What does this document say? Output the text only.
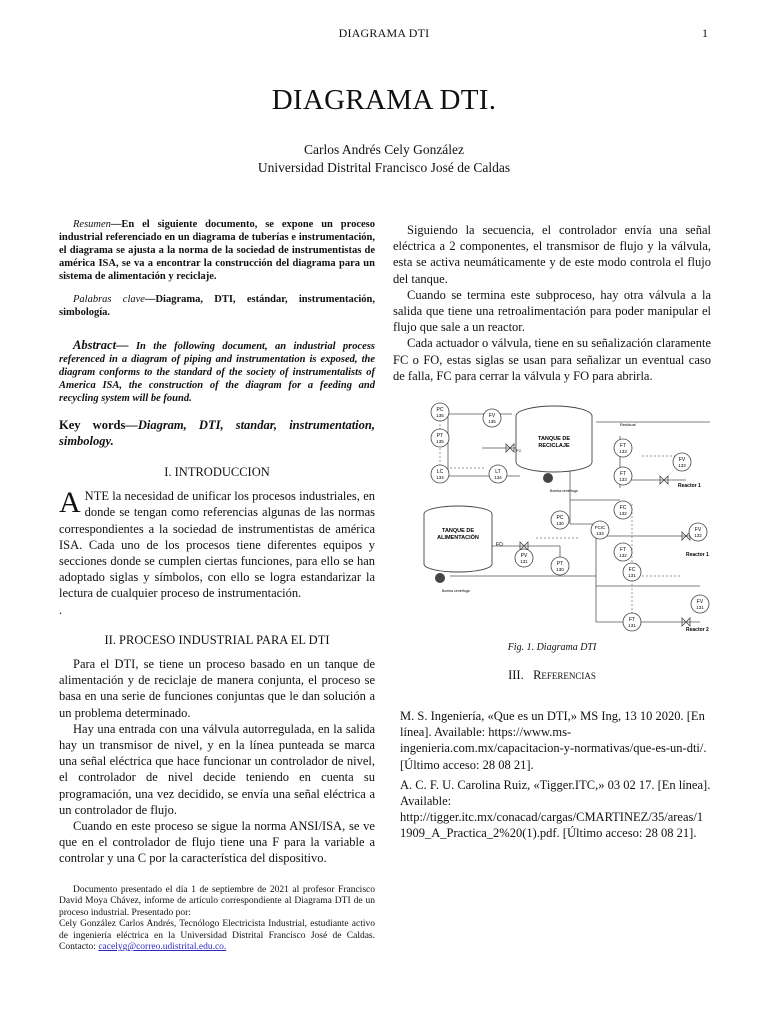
DIAGRAMA DTI	1
DIAGRAMA DTI.
Carlos Andrés Cely González
Universidad Distrital Francisco José de Caldas

Resumen—En el siguiente documento, se expone un proceso industrial referenciado en un diagrama de tuberías e instrumentación, el diagrama se ajusta a la norma de la sociedad de instrumentistas de américa ISA, se va a encontrar la construcción del diagrama para un sistema de alimentación y reciclaje.

Palabras clave—Diagrama, DTI, estándar, instrumentación, simbología.

Abstract— In the following document, an industrial process referenced in a diagram of piping and instrumentation is exposed, the diagram conforms to the standard of the society of instrumentalists of America ISA, the construction of the diagram for a feeding and recycling system will be found.

Key words—Diagram, DTI, standar, instrumentation, simbology.

I. INTRODUCCION

ANTE la necesidad de unificar los procesos industriales, en donde se tengan como referencias algunas de las normas correspondientes a la sociedad de instrumentistas de américa ISA. Cada uno de los procesos tiene diferentes equipos y secciones donde se cumplen ciertas funciones, para ello se han adoptado siglas y símbolos, con ello se logra estandarizar la lectura de cualquier proceso de instrumentación.

.

II. PROCESO INDUSTRIAL PARA EL DTI

Para el DTI, se tiene un proceso basado en un tanque de alimentación y de reciclaje de manera conjunta, el proceso se basa en una serie de funciones conjuntas que le dan solución a un problema determinado.

Hay una entrada con una válvula autorregulada, en la salida hay un transmisor de nivel, y en la línea punteada se marca una señal eléctrica que hace funcionar un controlador de nivel, el controlador de nivel decide teniendo en cuenta su programación, una vez decidido, se envía una señal eléctrica a un controlador de flujo.

Cuando en este proceso se sigue la norma ANSI/ISA, se ve que en el controlador de flujo tiene una F para la variable a controlar y una C por la característica del dispositivo.

Documento presentado el día 1 de septiembre de 2021 al profesor Francisco David Moya Chávez, informe de artículo correspondiente al Diagrama DTI de un proceso industrial. Presentado por:

Cely González Carlos Andrés, Tecnólogo Electricista Industrial, estudiante activo de ingeniería eléctrica en la Universidad Distrital Francisco José de Caldas. Contacto: cacelyg@correo.udistrital.edu.co.

Siguiendo la secuencia, el controlador envía una señal eléctrica a 2 componentes, el transmisor de flujo y la válvula, esta se activa neumáticamente y de este modo controla el flujo del tanque.

Cuando se termina este subproceso, hay otra válvula a la salida que tiene una retroalimentación para poder manipular el flujo que sale a un reactor.

Cada actuador o válvula, tiene en su señalización claramente FC o FO, estas siglas se usan para señalizar un eventual caso de falla, FC para cerrar la válvula y FO para abrirla.

TANQUE DE
RECICLAJE
Residual
TANQUE DE
ALIMENTACIÓN
FO
FC
Bomba centrífuga
Bomba centrífuga
Reactor 1
Reactor 1
Reactor 2
PC
135	FV
135
PT
135
LC
134
LT
134
FT
133
FT
133
FV
133
PC
130
FC
132
FCIC
133
FV
132
PV
131	PT
130
FT
132
FC
131
FV
131
FT
131
Fig. 1. Diagrama DTI
III. Referencias

M. S. Ingeniería, «Que es un DTI,» MS Ing, 13 10 2020. [En línea]. Available: https://www.ms-ingenieria.com.mx/capacitacion-y-normativas/que-es-un-dti/. [Último acceso: 28 08 21].

A. C. F. U. Carolina Ruiz, «Tigger.ITC,» 03 02 17. [En línea]. Available: http://tigger.itc.mx/conacad/cargas/CMARTINEZ/35/areas/1 1909_A_Practica_2%20(1).pdf. [Último acceso: 28 08 21].
